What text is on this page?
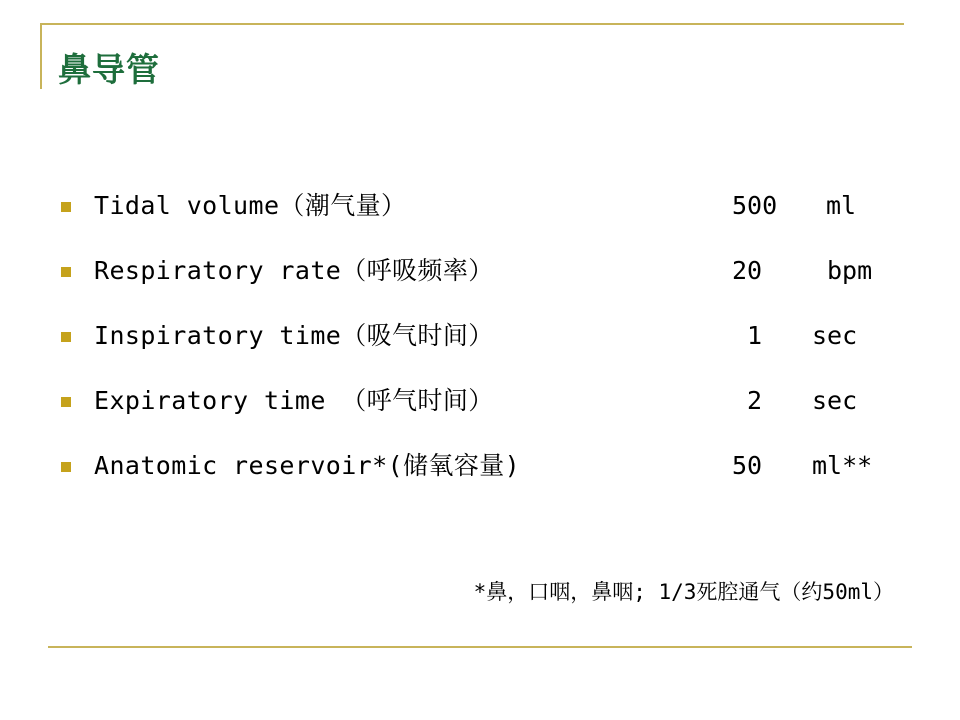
鼻导管
Tidal volume（潮气量）	500 ml
Respiratory rate（呼吸频率）	20	bpm
Inspiratory time（吸气时间）	1 sec
Expiratory time （呼气时间）	2 sec
Anatomic reservoir*(储氧容量)	50 ml**
*鼻，口咽，鼻咽; 1/3死腔通气（约50ml）
